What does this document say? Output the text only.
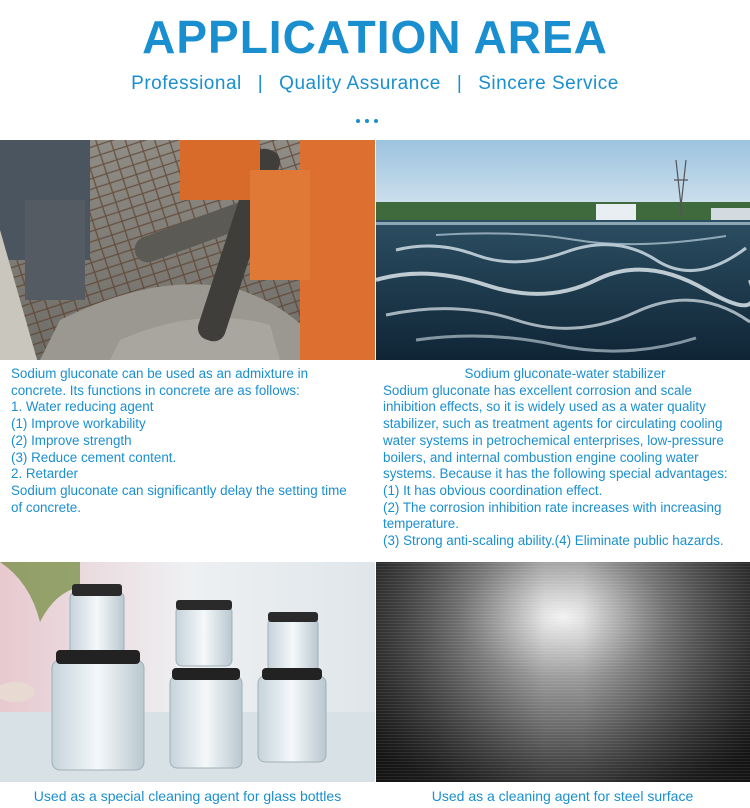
APPLICATION AREA
Professional | Quality Assurance | Sincere Service
Sodium gluconate can be used as an admixture in
concrete. Its functions in concrete are as follows:
1. Water reducing agent
(1) Improve workability
(2) Improve strength
(3) Reduce cement content.
2. Retarder
Sodium gluconate can significantly delay the setting time
of concrete.
Sodium gluconate-water stabilizer
Sodium gluconate has excellent corrosion and scale
inhibition effects, so it is widely used as a water quality
stabilizer, such as treatment agents for circulating cooling
water systems in petrochemical enterprises, low-pressure
boilers, and internal combustion engine cooling water
systems. Because it has the following special advantages:
(1) It has obvious coordination effect.
(2) The corrosion inhibition rate increases with increasing
temperature.
(3) Strong anti-scaling ability.(4) Eliminate public hazards.
Used as a special cleaning agent for glass bottles	Used as a cleaning agent for steel surface
